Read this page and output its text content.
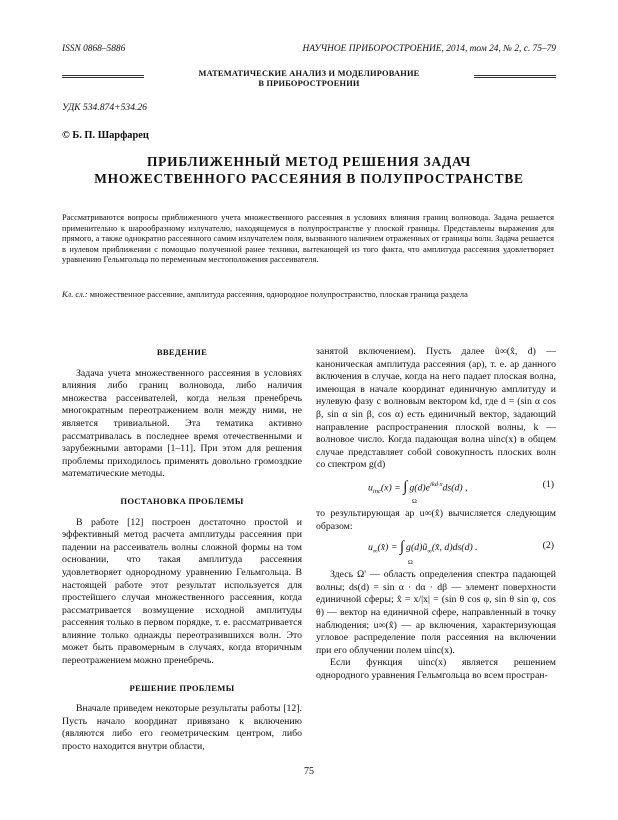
ISSN 0868–5886	НАУЧНОЕ ПРИБОРОСТРОЕНИЕ, 2014, том 24, № 2, с. 75–79
МАТЕМАТИЧЕСКИЕ АНАЛИЗ И МОДЕЛИРОВАНИЕ
В ПРИБОРОСТРОЕНИИ
УДК 534.874+534.26
© Б. П. Шарфарец
ПРИБЛИЖЕННЫЙ МЕТОД РЕШЕНИЯ ЗАДАЧ
МНОЖЕСТВЕННОГО РАССЕЯНИЯ В ПОЛУПРОСТРАНСТВЕ
Рассматриваются вопросы приближенного учета множественного рассеяния в условиях влияния границ волновода. Задача решается применительно к шарообразному излучателю, находящемуся в полупространстве у плоской границы. Представлены выражения для прямого, а также однократно рассеянного самим излучателем поля, вызванного наличием отраженных от границы волн. Задача решается в нулевом приближении с помощью полученной ранее техники, вытекающей из того факта, что амплитуда рассеяния удовлетворяет уравнению Гельмгольца по переменным местоположения рассеивателя.
Кл. сл.: множественное рассеяние, амплитуда рассеяния, однородное полупространство, плоская граница раздела
ВВЕДЕНИЕ

Задача учета множественного рассеяния в условиях влияния либо границ волновода, либо наличия множества рассеивателей, когда нельзя пренебречь многократным переотражением волн между ними, не является тривиальной. Эта тематика активно рассматривалась в последнее время отечественными и зарубежными авторами [1–11]. При этом для решения проблемы приходилось применять довольно громоздкие математические методы.

ПОСТАНОВКА ПРОБЛЕМЫ

В работе [12] построен достаточно простой и эффективный метод расчета амплитуды рассеяния при падении на рассеиватель волны сложной формы на том основании, что такая амплитуда рассеяния удовлетворяет однородному уравнению Гельмгольца. В настоящей работе этот результат используется для простейшего случая множественного рассеяния, когда рассматривается возмущение исходной амплитуды рассеяния только в первом порядке, т. е. рассматривается влияние только однажды переотразившихся волн. Это может быть правомерным в случаях, когда вторичным переотражением можно пренебречь.

РЕШЕНИЕ ПРОБЛЕМЫ

Вначале приведем некоторые результаты работы [12]. Пусть начало координат привязано к включению (являются либо его геометрическим центром, либо просто находится внутри области,

занятой включением). Пусть далее ũ∞(x̂, d) — каноническая амплитуда рассеяния (ар), т. е. ар данного включения в случае, когда на него падает плоская волна, имеющая в начале координат единичную амплитуду и нулевую фазу с волновым вектором kd, где d = (sin α cos β, sin α sin β, cos α) есть единичный вектор, задающий направление распространения плоской волны, k — волновое число. Когда падающая волна uinc(x) в общем случае представляет собой совокупность плоских волн со спектром g(d)

$u_{inc}(x)$ = ∫ $g(d)e^{ikd\cdot x}ds(d)$ ,
Ω
(1)

то результирующая ар u∞(x̂) вычисляется следующим образом:

$u_\infty(x̂)$ = ∫ $g(d)ũ_\infty(x̂$, d)ds(d) .
Ω
(2)

Здесь Ω' — область определения спектра падающей волны; ds(d) = sin α · dα · dβ — элемент поверхности единичной сферы; x̂ = x/|x| = (sin θ cos φ, sin θ sin φ, cos θ) — вектор на единичной сфере, направленный в точку наблюдения; u∞(x̂) — ар включения, характеризующая угловое распределение поля рассеяния на включении при его облучении полем uinc(x).

Если функция uinc(x) является решением однородного уравнения Гельмгольца во всем простран-

75
